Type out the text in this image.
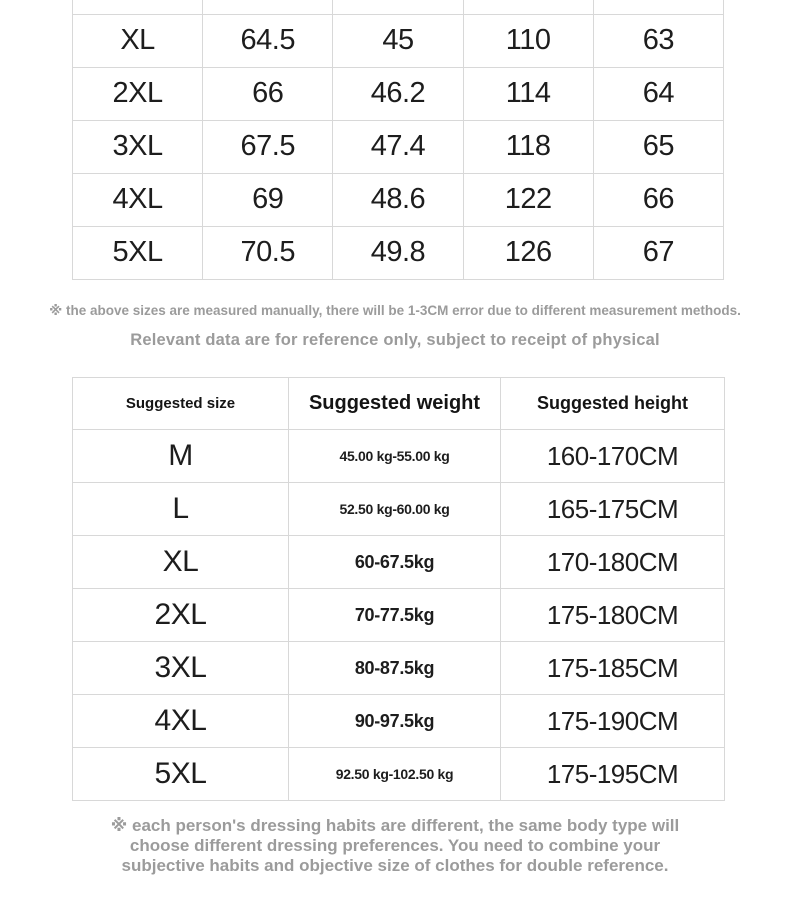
XL	64.5	45	110	63
2XL	66	46.2	114	64
3XL	67.5	47.4	118	65
4XL	69	48.6	122	66
5XL	70.5	49.8	126	67
※ the above sizes are measured manually, there will be 1-3CM error due to different measurement methods.
Relevant data are for reference only, subject to receipt of physical
Suggested size	Suggested weight	Suggested height
M	45.00 kg-55.00 kg	160-170CM
L	52.50 kg-60.00 kg	165-175CM
XL	60-67.5kg	170-180CM
2XL	70-77.5kg	175-180CM
3XL	80-87.5kg	175-185CM
4XL	90-97.5kg	175-190CM
5XL	92.50 kg-102.50 kg	175-195CM
※ each person's dressing habits are different, the same body type will
choose different dressing preferences. You need to combine your
subjective habits and objective size of clothes for double reference.
